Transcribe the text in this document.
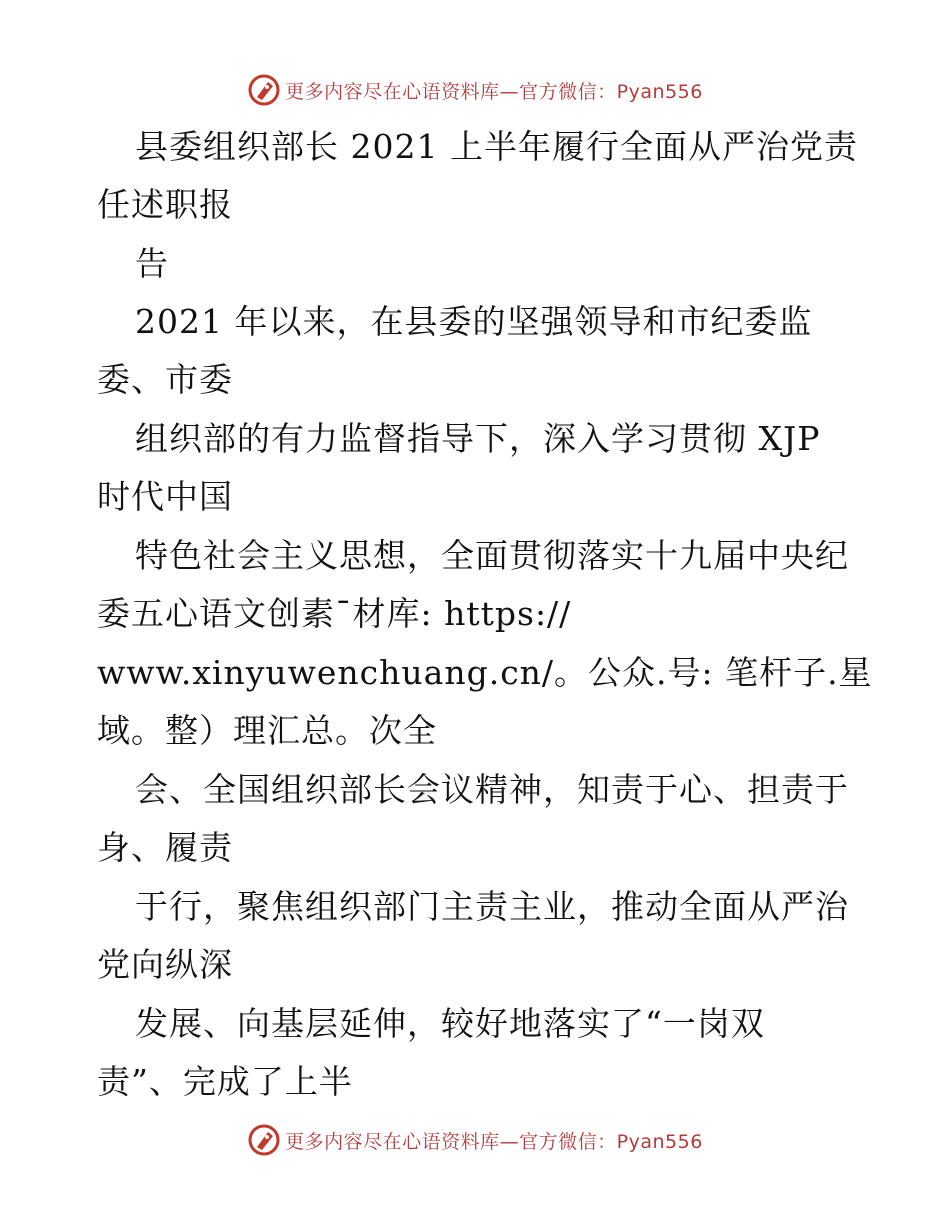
更多内容尽在心语资料库—官方微信：Pyan556
县委组织部长 2021 上半年履行全面从严治党责
任述职报
告
2021 年以来，在县委的坚强领导和市纪委监
委、市委
组织部的有力监督指导下，深入学习贯彻 XJP
时代中国
特色社会主义思想，全面贯彻落实十九届中央纪
委五心语文创素¯材库: https://
www.xinyuwenchuang.cn/。公众.号: 笔杆子.星
域。整）理汇总。次全
会、全国组织部长会议精神，知责于心、担责于
身、履责
于行，聚焦组织部门主责主业，推动全面从严治
党向纵深
发展、向基层延伸，较好地落实了“一岗双
责”、完成了上半
更多内容尽在心语资料库—官方微信：Pyan556
